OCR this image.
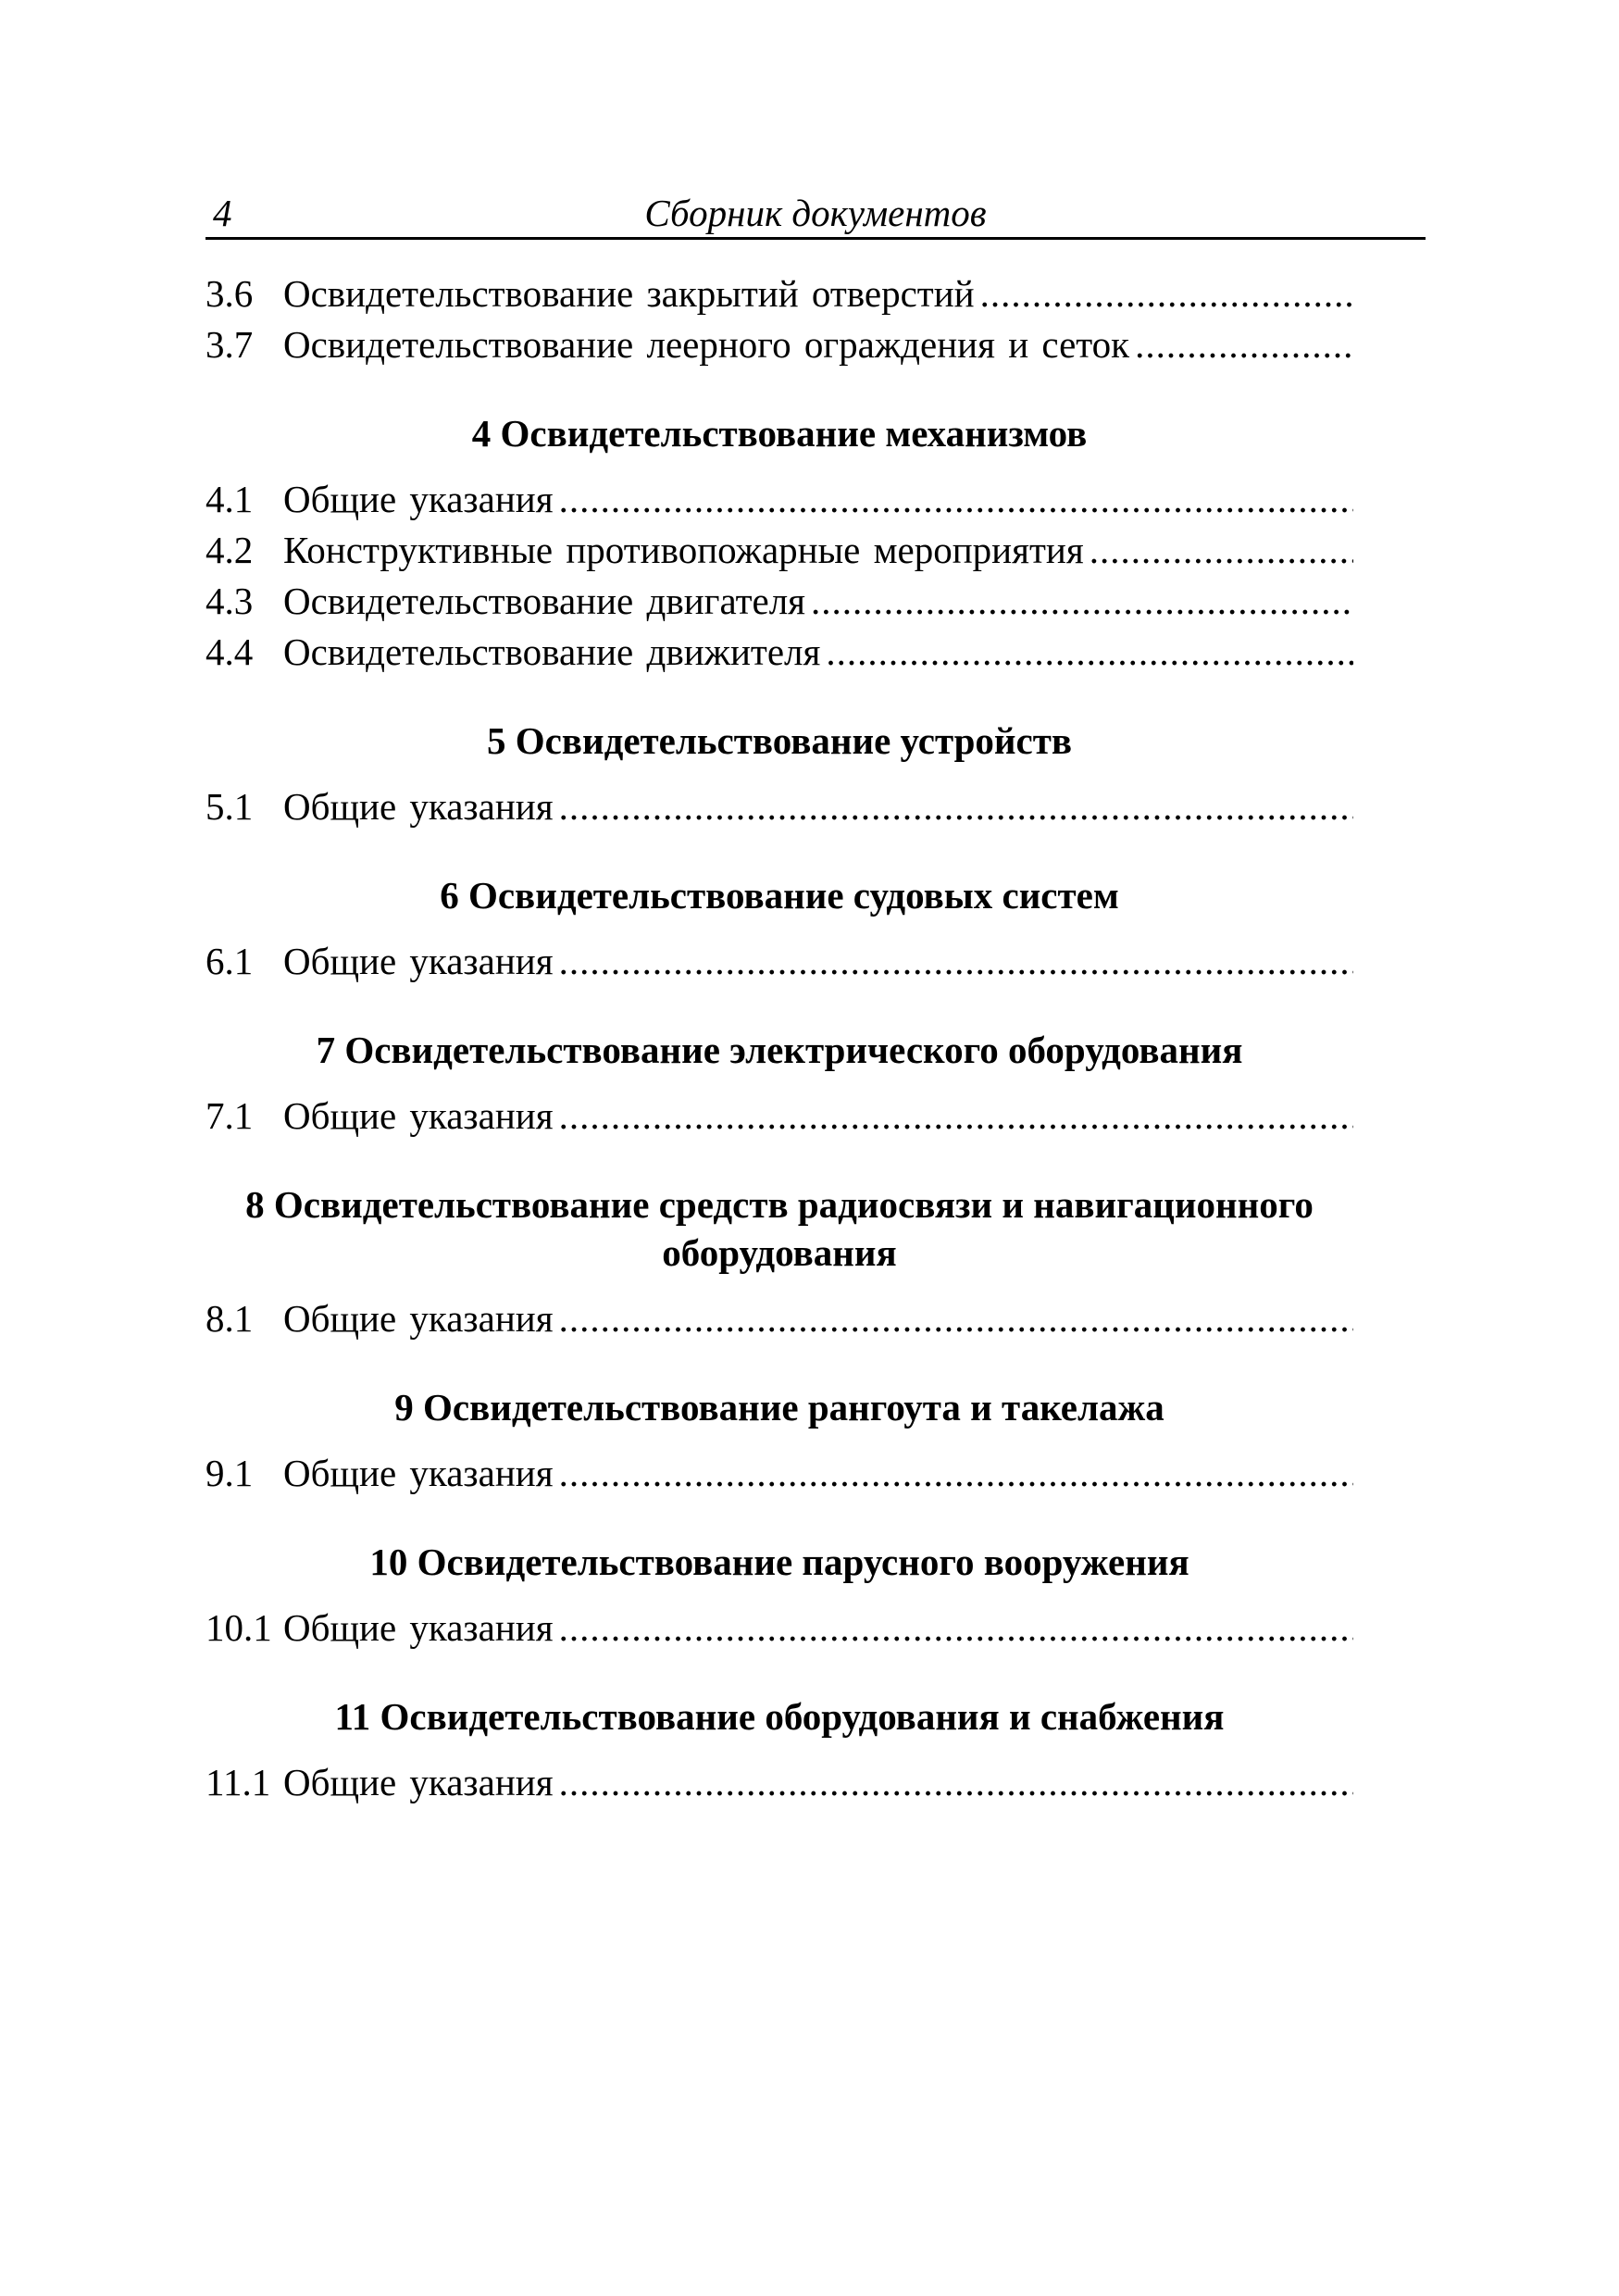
4	Сборник документов
3.6 Освидетельствование закрытий отверстий
.....
3.7 Освидетельствование леерного ограждения и сеток
.....
4 Освидетельствование механизмов
4.1 Общие указания
.....
4.2 Конструктивные противопожарные мероприятия
.....
4.3 Освидетельствование двигателя
.....
4.4 Освидетельствование движителя
.....
5 Освидетельствование устройств
5.1 Общие указания
.....
6 Освидетельствование судовых систем
6.1 Общие указания
.....
7 Освидетельствование электрического оборудования
7.1 Общие указания
.....
8 Освидетельствование средств радиосвязи и навигационного оборудования
8.1 Общие указания
.....
9 Освидетельствование рангоута и такелажа
9.1 Общие указания
.....
10 Освидетельствование парусного вооружения
10.1 Общие указания
.....
11 Освидетельствование оборудования и снабжения
11.1 Общие указания
.....
